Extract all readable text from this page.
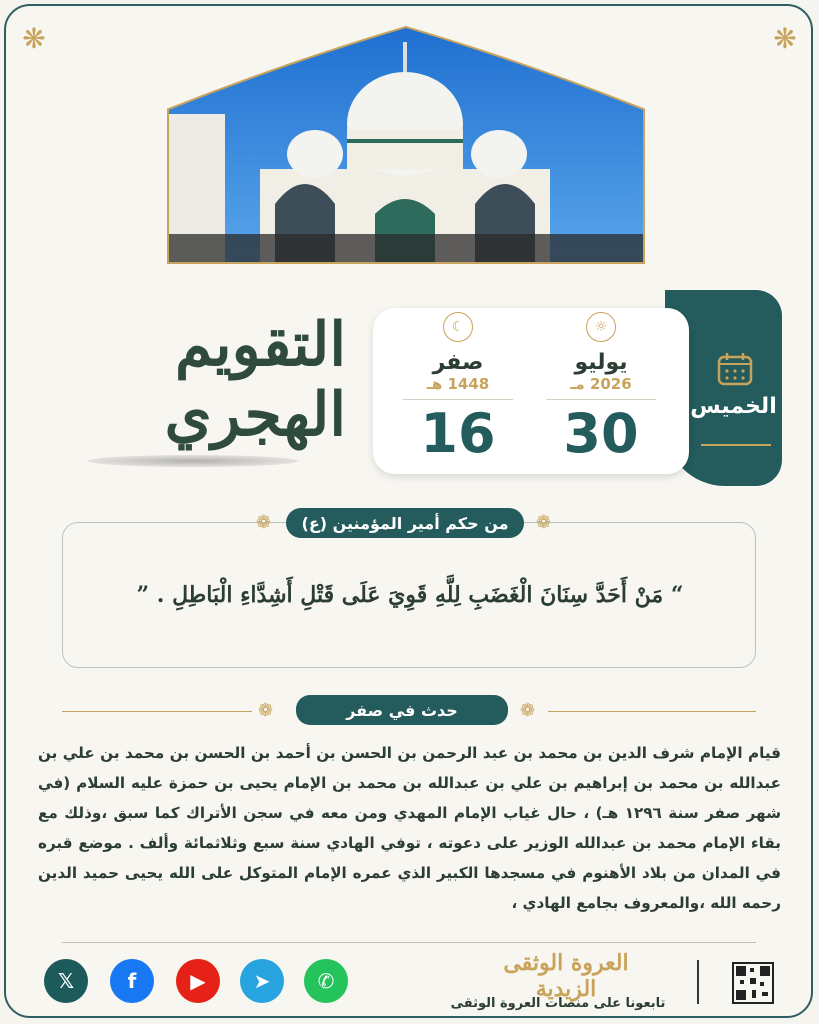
❋	❋
التقويم الهجري	الخميس
☼
يوليو
2026 مـ
30
☾
صفر
1448 هـ
16
❁	❁
من حكم أمير المؤمنين (ع)
“ مَنْ أَحَدَّ سِنَانَ الْغَضَبِ لِلَّهِ قَوِيَ عَلَى قَتْلِ أَشِدَّاءِ الْبَاطِلِ . ”
❁	❁
حدث في صفر
قيام الإمام شرف الدين بن محمد بن عبد الرحمن بن الحسن بن أحمد بن الحسن بن محمد بن علي بن عبدالله بن محمد بن إبراهيم بن علي بن عبدالله بن محمد بن الإمام يحيى بن حمزة عليه السلام (في شهر صفر سنة ١٢٩٦ هـ) ، حال غياب الإمام المهدي ومن معه في سجن الأتراك كما سبق ،وذلك مع بقاء الإمام محمد بن عبدالله الوزير على دعوته ، توفي الهادي سنة سبع وثلاثمائة وألف . موضع قبره في المدان من بلاد الأهنوم في مسجدها الكبير الذي عمره الإمام المتوكل على الله يحيى حميد الدين رحمه الله ،والمعروف بجامع الهادي ،
𝕏	f	▶	➤	✆
العروة الوثقى الزيدية
تابعونا على منصات العروة الوثقى
